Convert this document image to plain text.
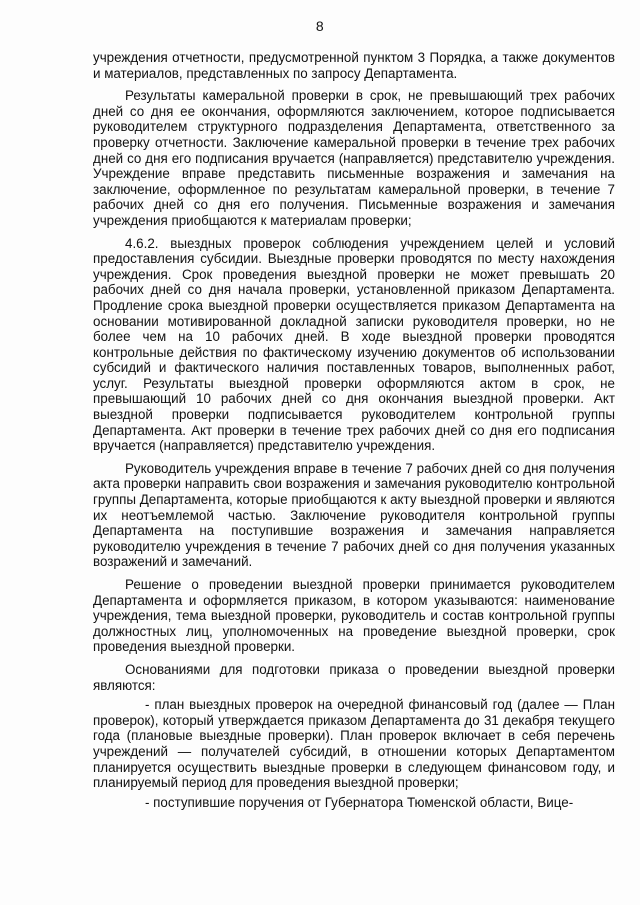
8

учреждения отчетности, предусмотренной пунктом 3 Порядка, а также документов и материалов, представленных по запросу Департамента.

Результаты камеральной проверки в срок, не превышающий трех рабочих дней со дня ее окончания, оформляются заключением, которое подписывается руководителем структурного подразделения Департамента, ответственного за проверку отчетности. Заключение камеральной проверки в течение трех рабочих дней со дня его подписания вручается (направляется) представителю учреждения. Учреждение вправе представить письменные возражения и замечания на заключение, оформленное по результатам камеральной проверки, в течение 7 рабочих дней со дня его получения. Письменные возражения и замечания учреждения приобщаются к материалам проверки;

4.6.2. выездных проверок соблюдения учреждением целей и условий предоставления субсидии. Выездные проверки проводятся по месту нахождения учреждения. Срок проведения выездной проверки не может превышать 20 рабочих дней со дня начала проверки, установленной приказом Департамента. Продление срока выездной проверки осуществляется приказом Департамента на основании мотивированной докладной записки руководителя проверки, но не более чем на 10 рабочих дней. В ходе выездной проверки проводятся контрольные действия по фактическому изучению документов об использовании субсидий и фактического наличия поставленных товаров, выполненных работ, услуг. Результаты выездной проверки оформляются актом в срок, не превышающий 10 рабочих дней со дня окончания выездной проверки. Акт выездной проверки подписывается руководителем контрольной группы Департамента. Акт проверки в течение трех рабочих дней со дня его подписания вручается (направляется) представителю учреждения.

Руководитель учреждения вправе в течение 7 рабочих дней со дня получения акта проверки направить свои возражения и замечания руководителю контрольной группы Департамента, которые приобщаются к акту выездной проверки и являются их неотъемлемой частью. Заключение руководителя контрольной группы Департамента на поступившие возражения и замечания направляется руководителю учреждения в течение 7 рабочих дней со дня получения указанных возражений и замечаний.

Решение о проведении выездной проверки принимается руководителем Департамента и оформляется приказом, в котором указываются: наименование учреждения, тема выездной проверки, руководитель и состав контрольной группы должностных лиц, уполномоченных на проведение выездной проверки, срок проведения выездной проверки.

Основаниями для подготовки приказа о проведении выездной проверки являются:

- план выездных проверок на очередной финансовый год (далее — План проверок), который утверждается приказом Департамента до 31 декабря текущего года (плановые выездные проверки). План проверок включает в себя перечень учреждений — получателей субсидий, в отношении которых Департаментом планируется осуществить выездные проверки в следующем финансовом году, и планируемый период для проведения выездной проверки;

- поступившие поручения от Губернатора Тюменской области, Вице-
